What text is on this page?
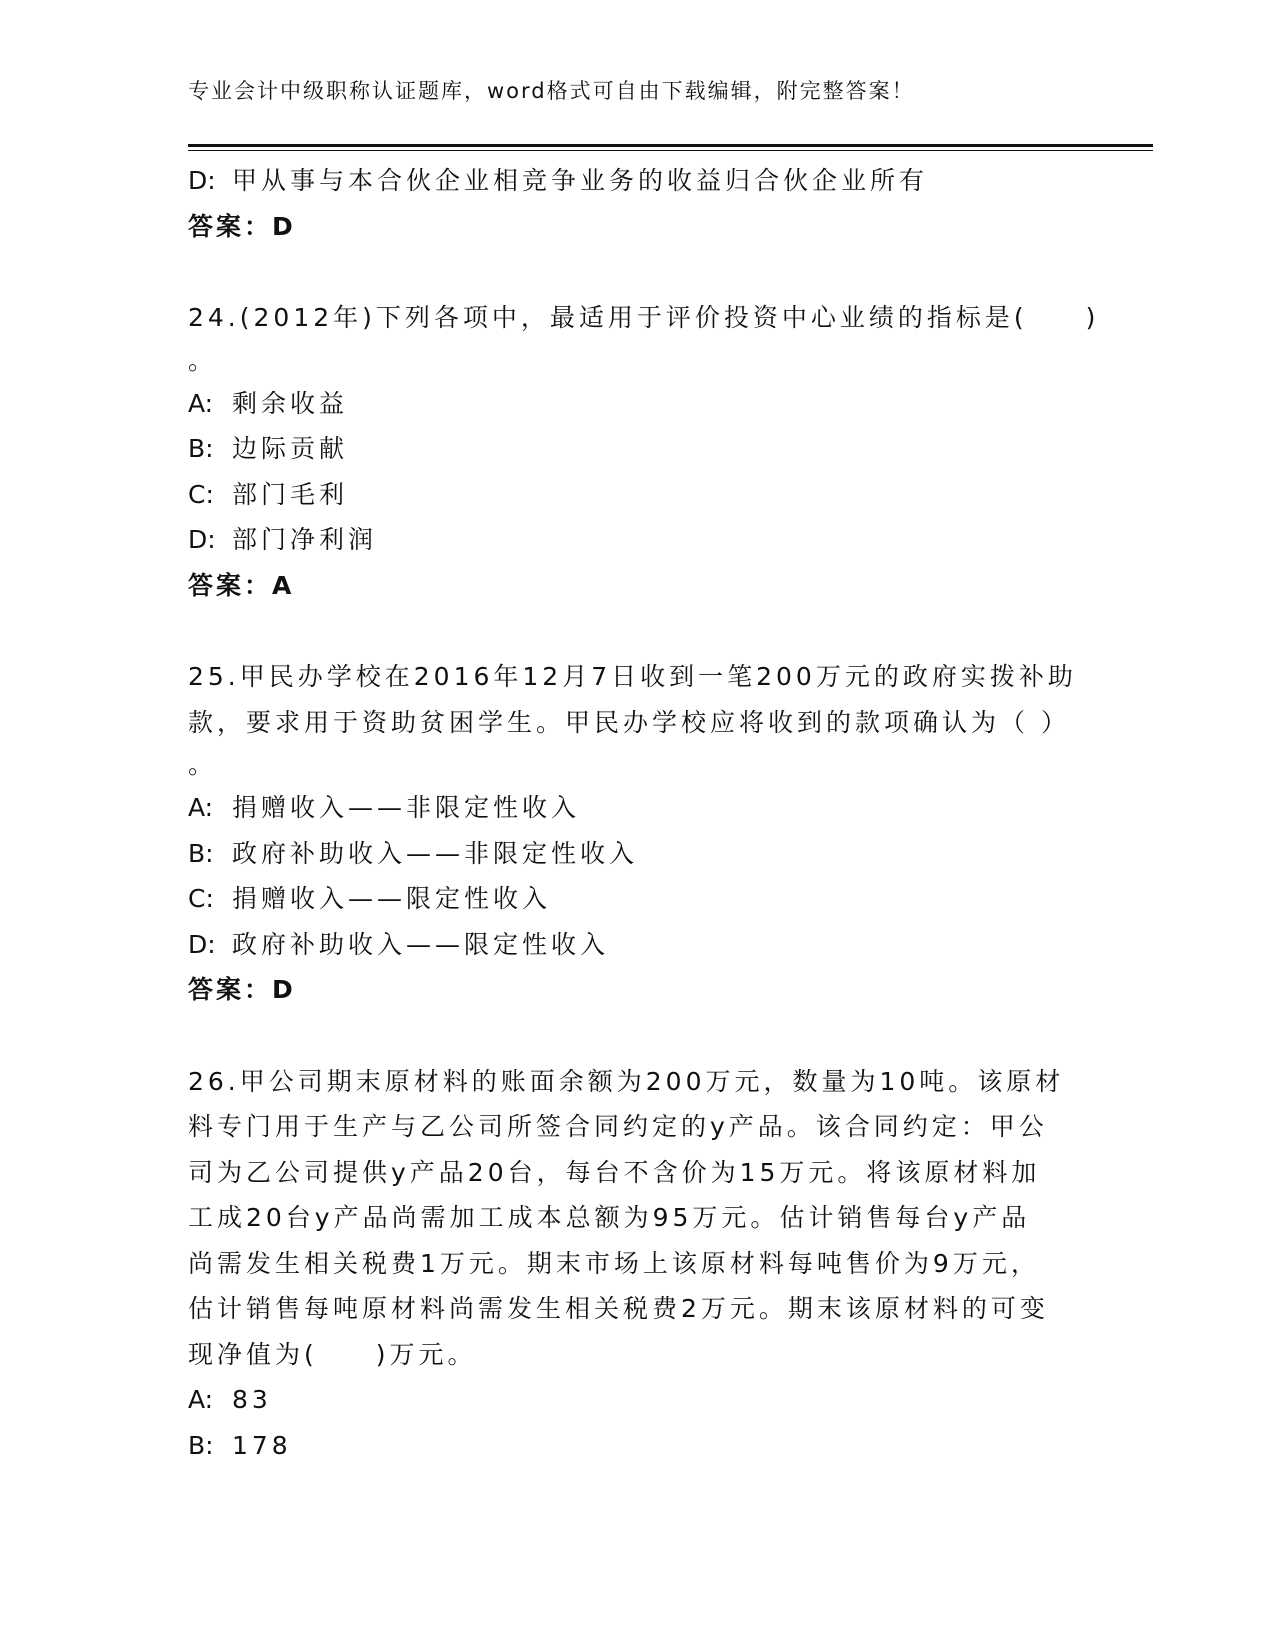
专业会计中级职称认证题库，word格式可自由下载编辑，附完整答案！
D: 甲从事与本合伙企业相竞争业务的收益归合伙企业所有
答案：D
24.(2012年)下列各项中，最适用于评价投资中心业绩的指标是(　　)
。
A: 剩余收益
B: 边际贡献
C: 部门毛利
D: 部门净利润
答案：A
25.甲民办学校在2016年12月7日收到一笔200万元的政府实拨补助
款，要求用于资助贫困学生。甲民办学校应将收到的款项确认为（ ）
。
A: 捐赠收入——非限定性收入
B: 政府补助收入——非限定性收入
C: 捐赠收入——限定性收入
D: 政府补助收入——限定性收入
答案：D
26.甲公司期末原材料的账面余额为200万元，数量为10吨。该原材
料专门用于生产与乙公司所签合同约定的y产品。该合同约定：甲公
司为乙公司提供y产品20台，每台不含价为15万元。将该原材料加
工成20台y产品尚需加工成本总额为95万元。估计销售每台y产品
尚需发生相关税费1万元。期末市场上该原材料每吨售价为9万元，
估计销售每吨原材料尚需发生相关税费2万元。期末该原材料的可变
现净值为(　　)万元。
A: 83
B: 178
